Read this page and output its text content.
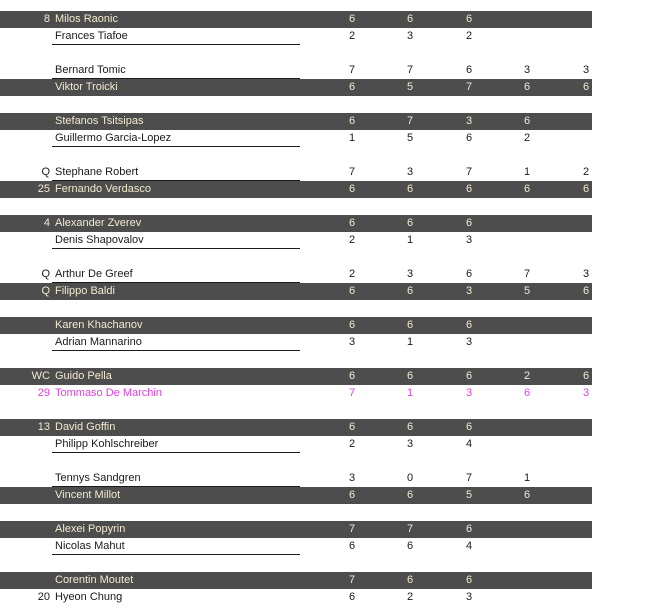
8 Milos Raonic	6	6	6
Frances Tiafoe	2	3	2
Bernard Tomic	7	7	6	3	3
Viktor Troicki	6	5	7	6	6
Stefanos Tsitsipas	6	7	3	6
Guillermo Garcia-Lopez	1	5	6	2
Q Stephane Robert	7	3	7	1	2
25 Fernando Verdasco	6	6	6	6	6
4 Alexander Zverev	6	6	6
Denis Shapovalov	2	1	3
Q Arthur De Greef	2	3	6	7	3
Q Filippo Baldi	6	6	3	5	6
Karen Khachanov	6	6	6
Adrian Mannarino	3	1	3
WC Guido Pella	6	6	6	2	6
29 Tommaso De Marchin	7	1	3	6	3
13 David Goffin	6	6	6
Philipp Kohlschreiber	2	3	4
Tennys Sandgren	3	0	7	1
Vincent Millot	6	6	5	6
Alexei Popyrin	7	7	6
Nicolas Mahut	6	6	4
Corentin Moutet	7	6	6
20 Hyeon Chung	6	2	3
